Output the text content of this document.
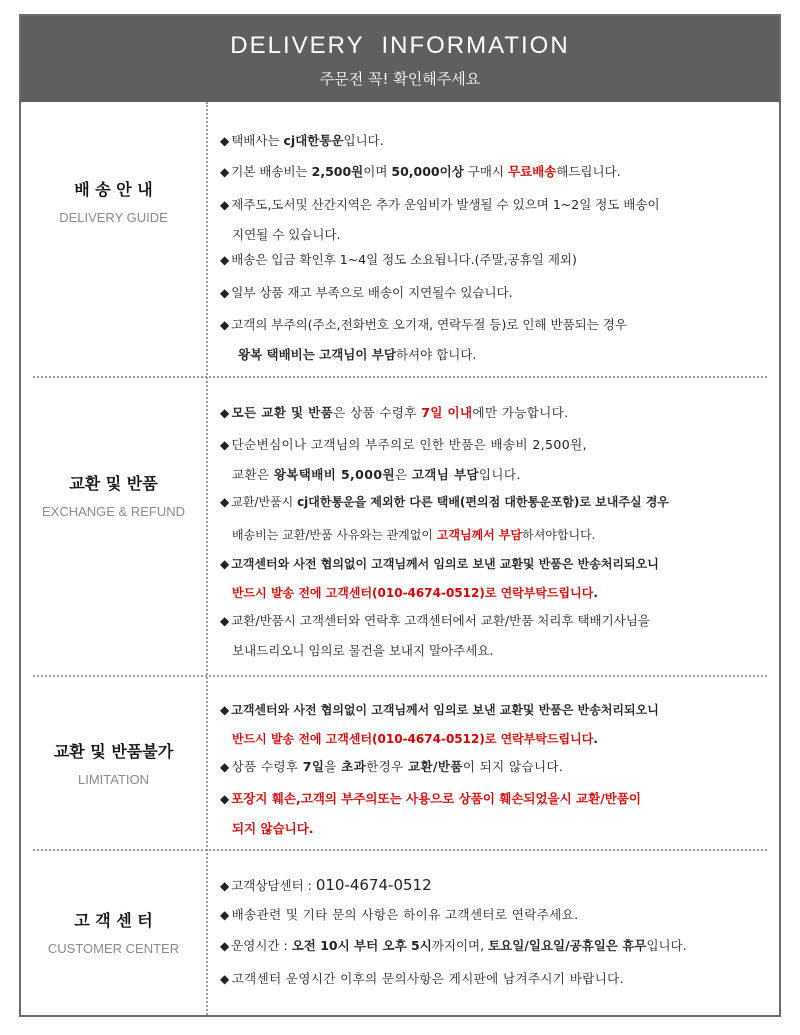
DELIVERY  INFORMATION
주문전 꼭! 확인해주세요
배 송 안 내
DELIVERY GUIDE
◆ 택배사는 cj대한통운입니다.
◆ 기본 배송비는 2,500원이며 50,000이상 구매시 무료배송해드립니다.
◆ 제주도,도서및 산간지역은 추가 운임비가 발생될 수 있으며 1~2일 정도 배송이
지연될 수 있습니다.
◆ 배송은 입금 확인후 1~4일 정도 소요됩니다.(주말,공휴일 제외)
◆ 일부 상품 재고 부족으로 배송이 지연될수 있습니다.
◆ 고객의 부주의(주소,전화번호 오기재, 연락두절 등)로 인해 반품되는 경우
왕복 택배비는 고객님이 부담하셔야 합니다.
교환 및 반품
EXCHANGE & REFUND
◆ 모든 교환 및 반품은 상품 수령후 7일 이내에만 가능합니다.
◆ 단순변심이나 고객님의 부주의로 인한 반품은 배송비 2,500원,
교환은 왕복택배비 5,000원은 고객님 부담입니다.
◆ 교환/반품시 cj대한통운을 제외한 다른 택배(편의점 대한통운포함)로 보내주실 경우
배송비는 교환/반품 사유와는 관계없이 고객님께서 부담하셔야합니다.
◆ 고객센터와 사전 협의없이 고객님께서 임의로 보낸 교환및 반품은 반송처리되오니
반드시 발송 전에 고객센터(010-4674-0512)로 연락부탁드립니다.
◆ 교환/반품시 고객센터와 연락후 고객센터에서 교환/반품 처리후 택배기사님을
보내드리오니 임의로 물건을 보내지 말아주세요.
교환 및 반품불가
LIMITATION
◆ 고객센터와 사전 협의없이 고객님께서 임의로 보낸 교환및 반품은 반송처리되오니
반드시 발송 전에 고객센터(010-4674-0512)로 연락부탁드립니다.
◆ 상품 수령후 7일을 초과한경우 교환/반품이 되지 않습니다.
◆ 포장지 훼손,고객의 부주의또는 사용으로 상품이 훼손되었을시 교환/반품이
되지 않습니다.
고 객 센 터
CUSTOMER CENTER
◆ 고객상담센터 : 010-4674-0512
◆ 배송관련 및 기타 문의 사항은 하이유 고객센터로 연락주세요.
◆ 운영시간 : 오전 10시 부터 오후 5시까지이며, 토요일/일요일/공휴일은 휴무입니다.
◆ 고객센터 운영시간 이후의 문의사항은 게시판에 남겨주시기 바랍니다.
